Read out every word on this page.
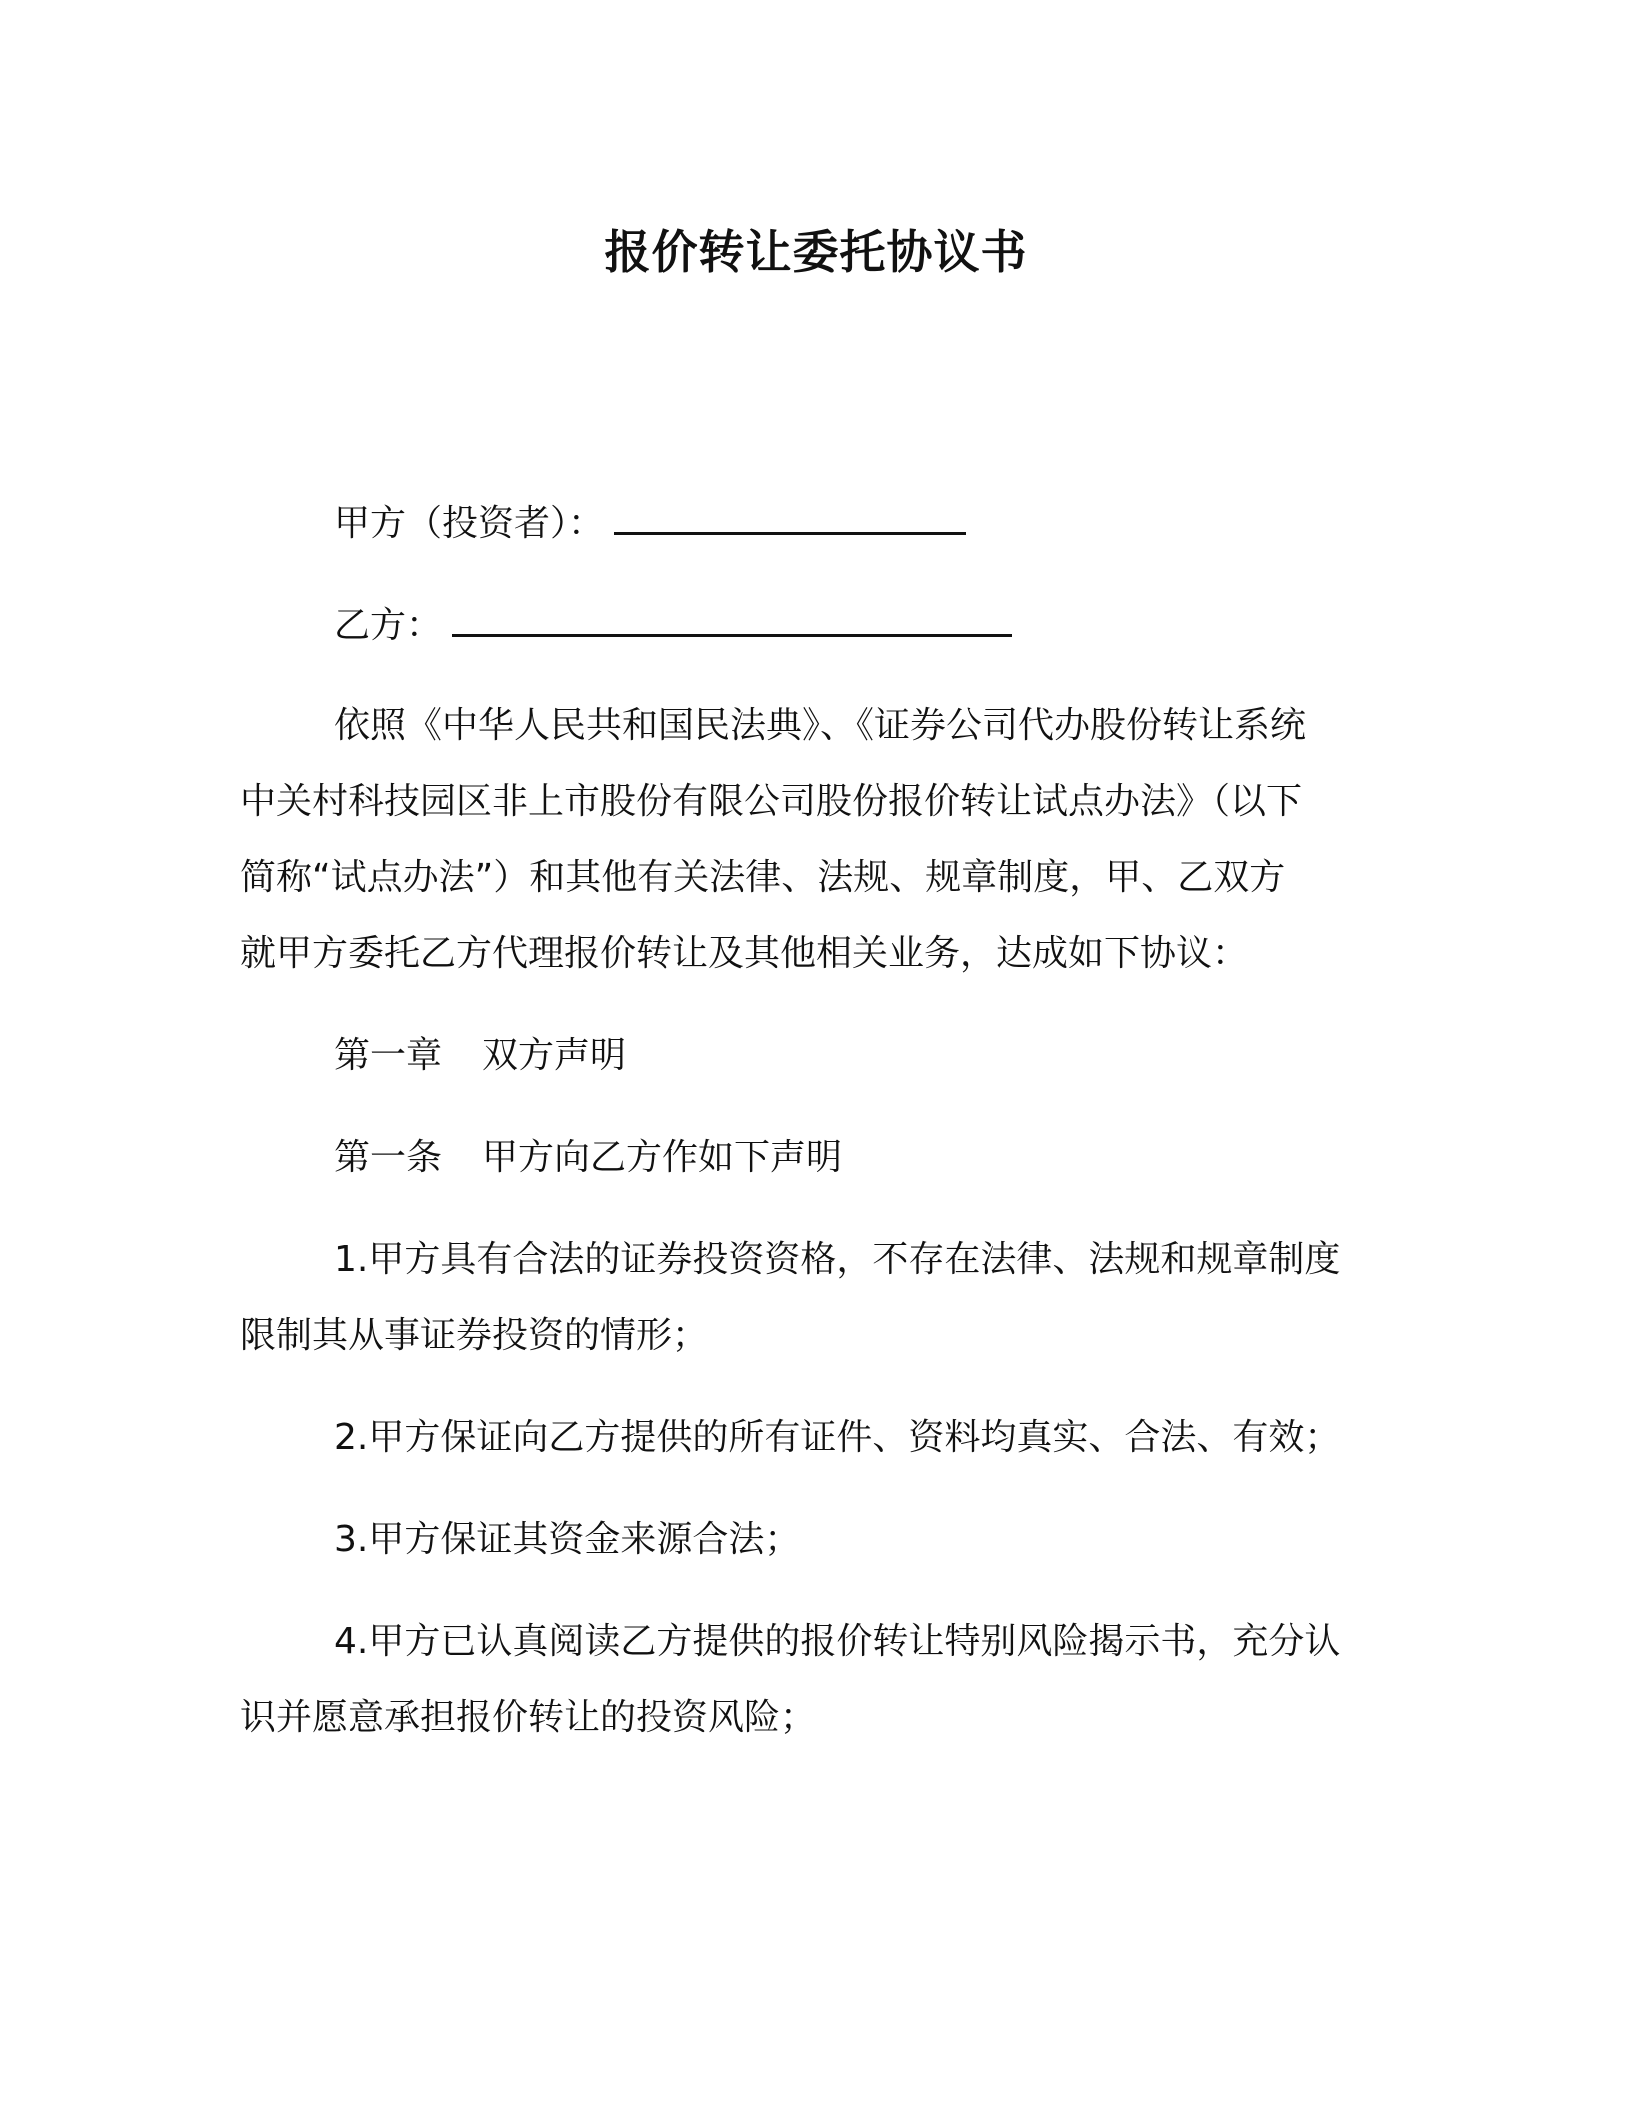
报价转让委托协议书
甲方（投资者）：
乙方：
依照《中华人民共和国民法典》、《证券公司代办股份转让系统
中关村科技园区非上市股份有限公司股份报价转让试点办法》（以下
简称“试点办法”）和其他有关法律、法规、规章制度，甲、乙双方
就甲方委托乙方代理报价转让及其他相关业务，达成如下协议：
第一章 双方声明
第一条 甲方向乙方作如下声明
1.甲方具有合法的证券投资资格，不存在法律、法规和规章制度
限制其从事证券投资的情形；
2.甲方保证向乙方提供的所有证件、资料均真实、合法、有效；
3.甲方保证其资金来源合法；
4.甲方已认真阅读乙方提供的报价转让特别风险揭示书，充分认
识并愿意承担报价转让的投资风险；
